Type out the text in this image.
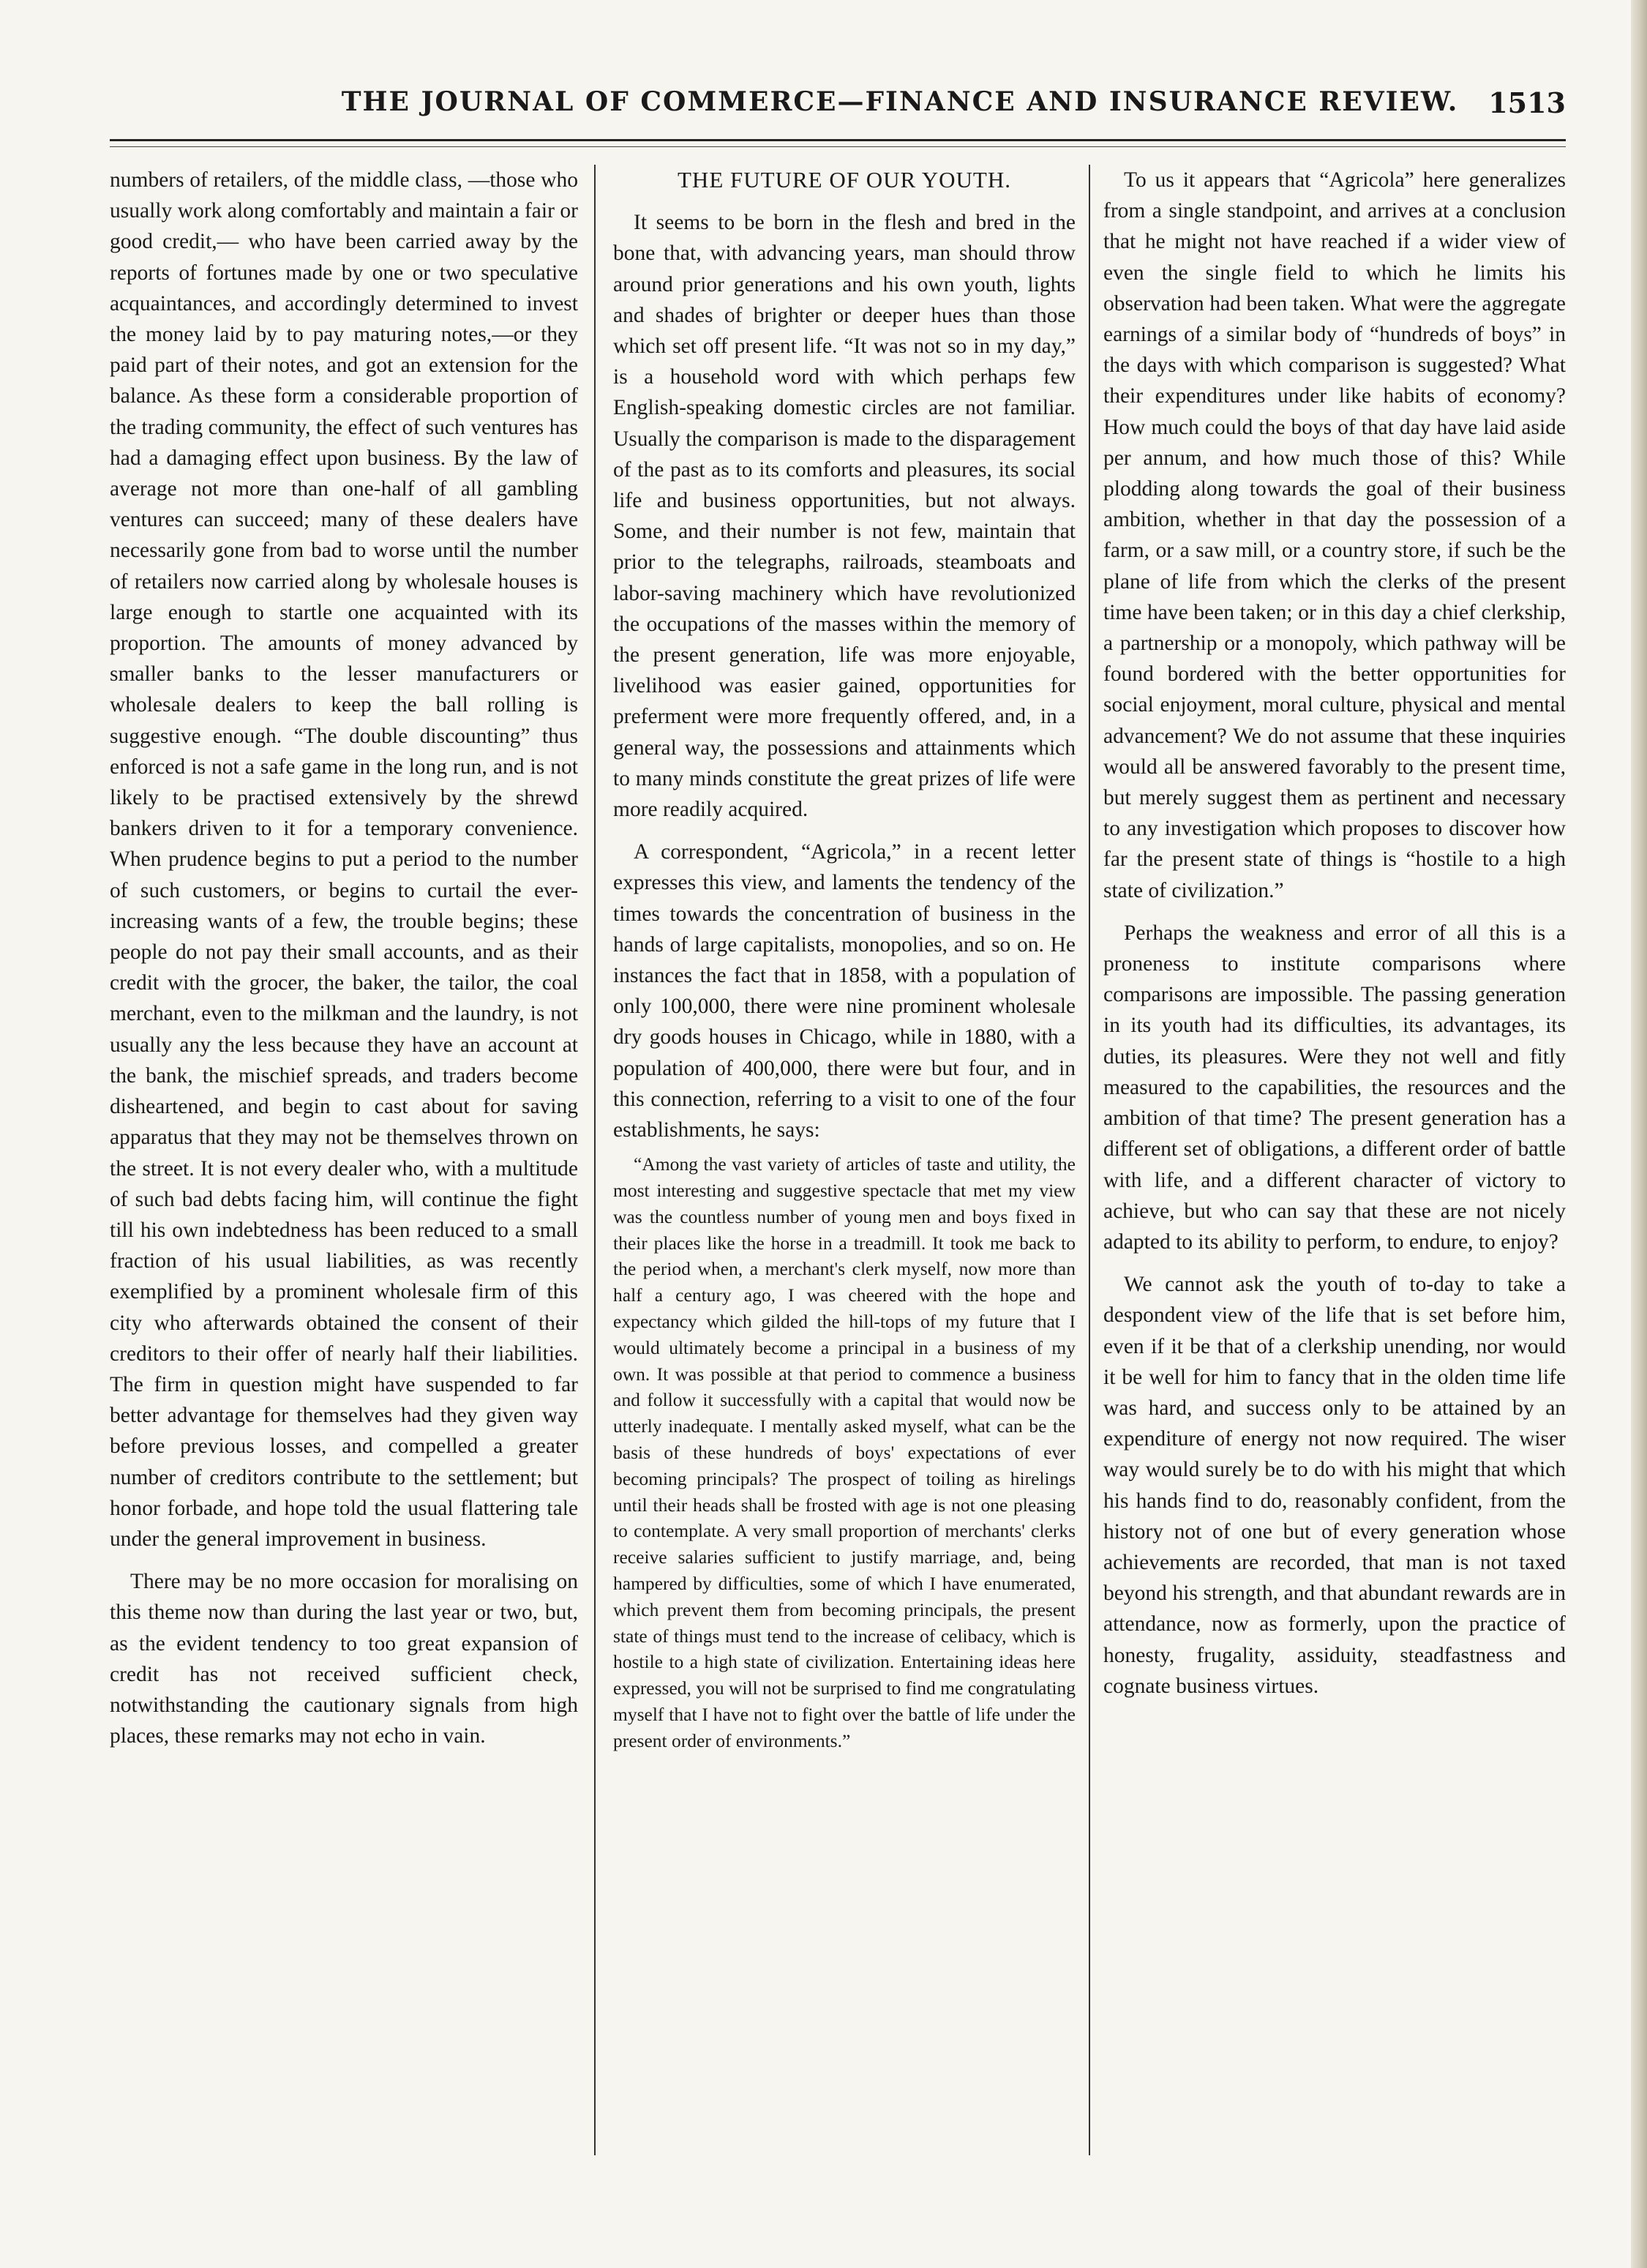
THE JOURNAL OF COMMERCE—FINANCE AND INSURANCE REVIEW.	1513

numbers of retailers, of the middle class, —those who usually work along comfortably and maintain a fair or good credit,— who have been carried away by the reports of fortunes made by one or two speculative acquaintances, and accordingly determined to invest the money laid by to pay maturing notes,—or they paid part of their notes, and got an extension for the balance. As these form a considerable proportion of the trading community, the effect of such ventures has had a damaging effect upon business. By the law of average not more than one-half of all gambling ventures can succeed; many of these dealers have necessarily gone from bad to worse until the number of retailers now carried along by wholesale houses is large enough to startle one acquainted with its proportion. The amounts of money advanced by smaller banks to the lesser manufacturers or wholesale dealers to keep the ball rolling is suggestive enough. “The double discounting” thus enforced is not a safe game in the long run, and is not likely to be practised extensively by the shrewd bankers driven to it for a temporary convenience. When prudence begins to put a period to the number of such customers, or begins to curtail the ever-increasing wants of a few, the trouble begins; these people do not pay their small accounts, and as their credit with the grocer, the baker, the tailor, the coal merchant, even to the milkman and the laundry, is not usually any the less because they have an account at the bank, the mischief spreads, and traders become disheartened, and begin to cast about for saving apparatus that they may not be themselves thrown on the street. It is not every dealer who, with a multitude of such bad debts facing him, will continue the fight till his own indebtedness has been reduced to a small fraction of his usual liabilities, as was recently exemplified by a prominent wholesale firm of this city who afterwards obtained the consent of their creditors to their offer of nearly half their liabilities. The firm in question might have suspended to far better advantage for themselves had they given way before previous losses, and compelled a greater number of creditors contribute to the settlement; but honor forbade, and hope told the usual flattering tale under the general improvement in business.

There may be no more occasion for moralising on this theme now than during the last year or two, but, as the evident tendency to too great expansion of credit has not received sufficient check, notwithstanding the cautionary signals from high places, these remarks may not echo in vain.

THE FUTURE OF OUR YOUTH.

It seems to be born in the flesh and bred in the bone that, with advancing years, man should throw around prior generations and his own youth, lights and shades of brighter or deeper hues than those which set off present life. “It was not so in my day,” is a household word with which perhaps few English-speaking domestic circles are not familiar. Usually the comparison is made to the disparagement of the past as to its comforts and pleasures, its social life and business opportunities, but not always. Some, and their number is not few, maintain that prior to the telegraphs, railroads, steamboats and labor-saving machinery which have revolutionized the occupations of the masses within the memory of the present generation, life was more enjoyable, livelihood was easier gained, opportunities for preferment were more frequently offered, and, in a general way, the possessions and attainments which to many minds constitute the great prizes of life were more readily acquired.

A correspondent, “Agricola,” in a recent letter expresses this view, and laments the tendency of the times towards the concentration of business in the hands of large capitalists, monopolies, and so on. He instances the fact that in 1858, with a population of only 100,000, there were nine prominent wholesale dry goods houses in Chicago, while in 1880, with a population of 400,000, there were but four, and in this connection, referring to a visit to one of the four establishments, he says:

“Among the vast variety of articles of taste and utility, the most interesting and suggestive spectacle that met my view was the countless number of young men and boys fixed in their places like the horse in a treadmill. It took me back to the period when, a merchant's clerk myself, now more than half a century ago, I was cheered with the hope and expectancy which gilded the hill-tops of my future that I would ultimately become a principal in a business of my own. It was possible at that period to commence a business and follow it successfully with a capital that would now be utterly inadequate. I mentally asked myself, what can be the basis of these hundreds of boys' expectations of ever becoming principals? The prospect of toiling as hirelings until their heads shall be frosted with age is not one pleasing to contemplate. A very small proportion of merchants' clerks receive salaries sufficient to justify marriage, and, being hampered by difficulties, some of which I have enumerated, which prevent them from becoming principals, the present state of things must tend to the increase of celibacy, which is hostile to a high state of civilization. Entertaining ideas here expressed, you will not be surprised to find me congratulating myself that I have not to fight over the battle of life under the present order of environments.”

To us it appears that “Agricola” here generalizes from a single standpoint, and arrives at a conclusion that he might not have reached if a wider view of even the single field to which he limits his observation had been taken. What were the aggregate earnings of a similar body of “hundreds of boys” in the days with which comparison is suggested? What their expenditures under like habits of economy? How much could the boys of that day have laid aside per annum, and how much those of this? While plodding along towards the goal of their business ambition, whether in that day the possession of a farm, or a saw mill, or a country store, if such be the plane of life from which the clerks of the present time have been taken; or in this day a chief clerkship, a partnership or a monopoly, which pathway will be found bordered with the better opportunities for social enjoyment, moral culture, physical and mental advancement? We do not assume that these inquiries would all be answered favorably to the present time, but merely suggest them as pertinent and necessary to any investigation which proposes to discover how far the present state of things is “hostile to a high state of civilization.”

Perhaps the weakness and error of all this is a proneness to institute comparisons where comparisons are impossible. The passing generation in its youth had its difficulties, its advantages, its duties, its pleasures. Were they not well and fitly measured to the capabilities, the resources and the ambition of that time? The present generation has a different set of obligations, a different order of battle with life, and a different character of victory to achieve, but who can say that these are not nicely adapted to its ability to perform, to endure, to enjoy?

We cannot ask the youth of to-day to take a despondent view of the life that is set before him, even if it be that of a clerkship unending, nor would it be well for him to fancy that in the olden time life was hard, and success only to be attained by an expenditure of energy not now required. The wiser way would surely be to do with his might that which his hands find to do, reasonably confident, from the history not of one but of every generation whose achievements are recorded, that man is not taxed beyond his strength, and that abundant rewards are in attendance, now as formerly, upon the practice of honesty, frugality, assiduity, steadfastness and cognate business virtues.
